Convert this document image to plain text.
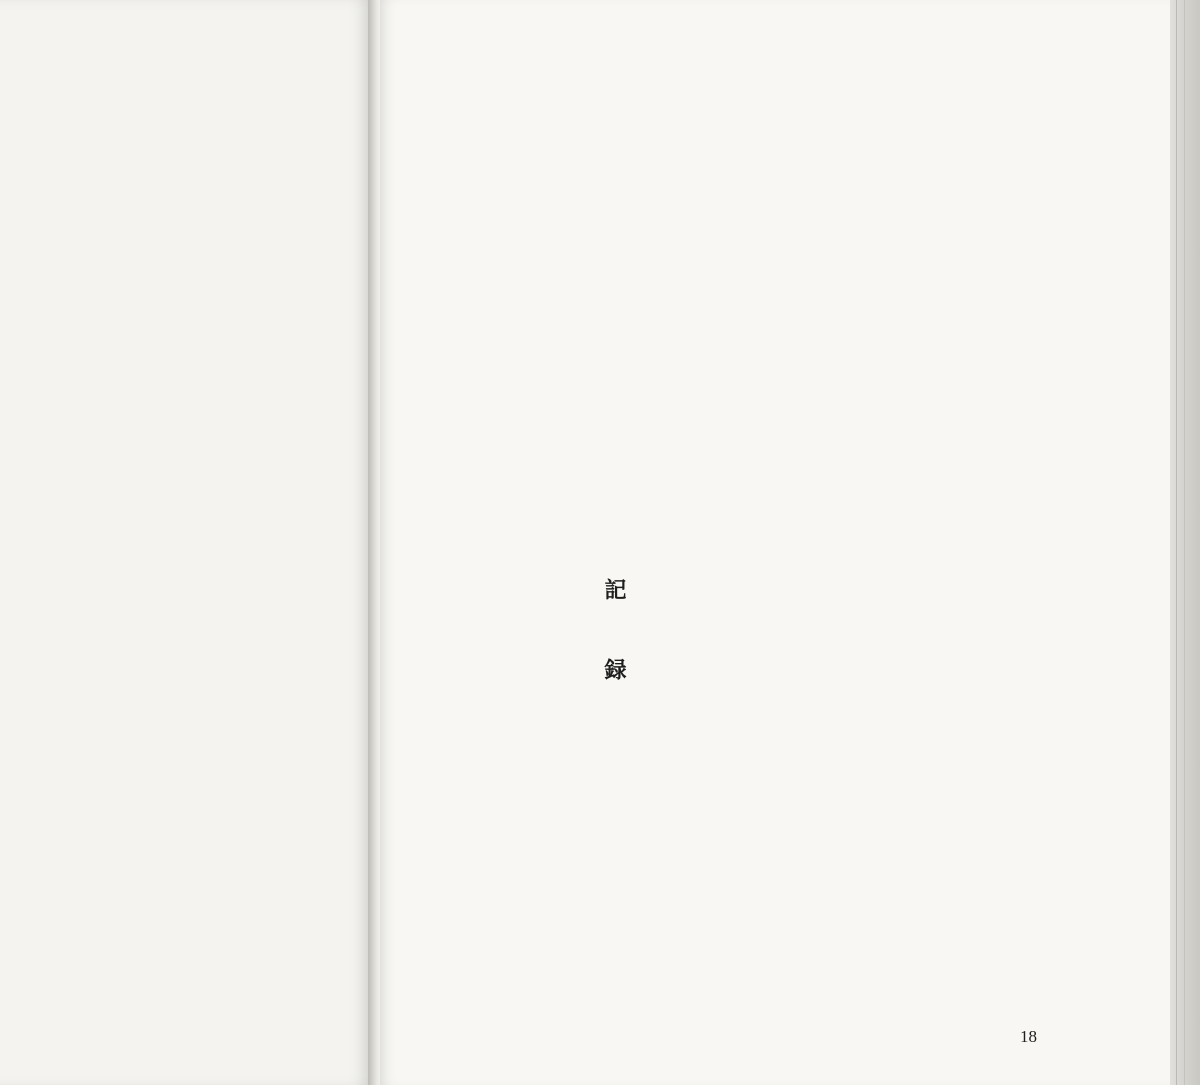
記　録
18
